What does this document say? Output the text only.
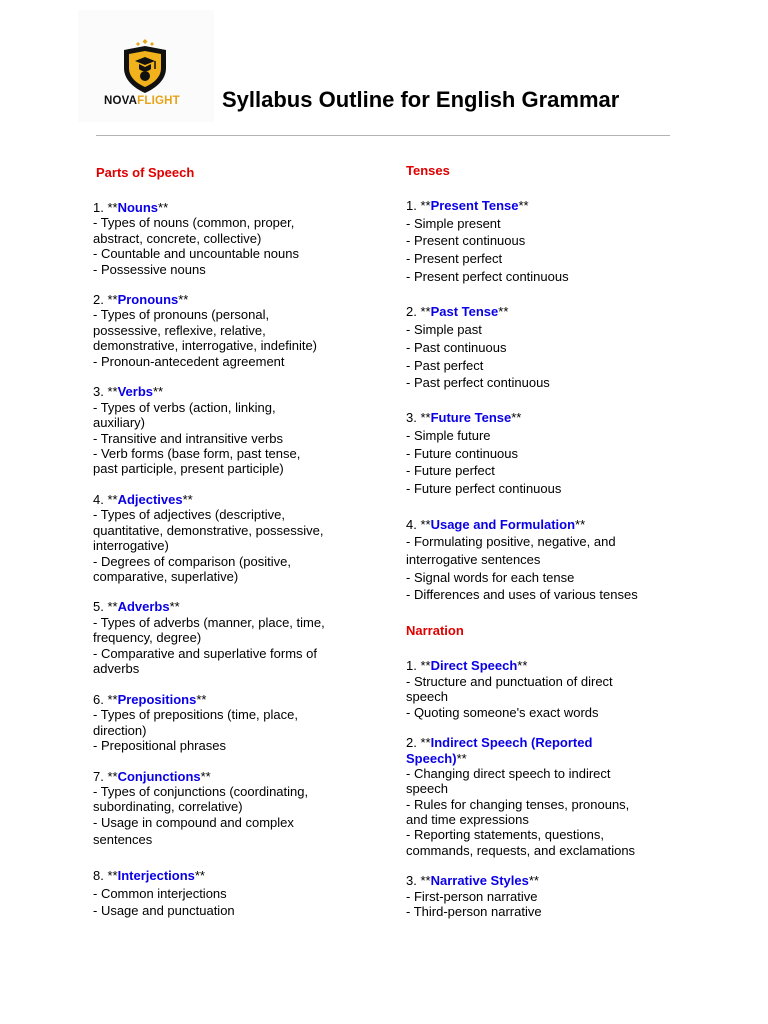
NOVAFLIGHT Syllabus Outline for English Grammar
Parts of Speech
1. **Nouns**
- Types of nouns (common, proper,
abstract, concrete, collective)
- Countable and uncountable nouns
- Possessive nouns
2. **Pronouns**
- Types of pronouns (personal,
possessive, reflexive, relative,
demonstrative, interrogative, indefinite)
- Pronoun-antecedent agreement
3. **Verbs**
- Types of verbs (action, linking,
auxiliary)
- Transitive and intransitive verbs
- Verb forms (base form, past tense,
past participle, present participle)
4. **Adjectives**
- Types of adjectives (descriptive,
quantitative, demonstrative, possessive,
interrogative)
- Degrees of comparison (positive,
comparative, superlative)
5. **Adverbs**
- Types of adverbs (manner, place, time,
frequency, degree)
- Comparative and superlative forms of
adverbs
6. **Prepositions**
- Types of prepositions (time, place,
direction)
- Prepositional phrases
7. **Conjunctions**
- Types of conjunctions (coordinating,
subordinating, correlative)
- Usage in compound and complex
sentences
8. **Interjections**
- Common interjections
- Usage and punctuation
Tenses
1. **Present Tense**
- Simple present
- Present continuous
- Present perfect
- Present perfect continuous
2. **Past Tense**
- Simple past
- Past continuous
- Past perfect
- Past perfect continuous
3. **Future Tense**
- Simple future
- Future continuous
- Future perfect
- Future perfect continuous
4. **Usage and Formulation**
- Formulating positive, negative, and
interrogative sentences
- Signal words for each tense
- Differences and uses of various tenses
Narration
1. **Direct Speech**
- Structure and punctuation of direct
speech
- Quoting someone's exact words
2. **Indirect Speech (Reported
Speech)**
- Changing direct speech to indirect
speech
- Rules for changing tenses, pronouns,
and time expressions
- Reporting statements, questions,
commands, requests, and exclamations
3. **Narrative Styles**
- First-person narrative
- Third-person narrative
